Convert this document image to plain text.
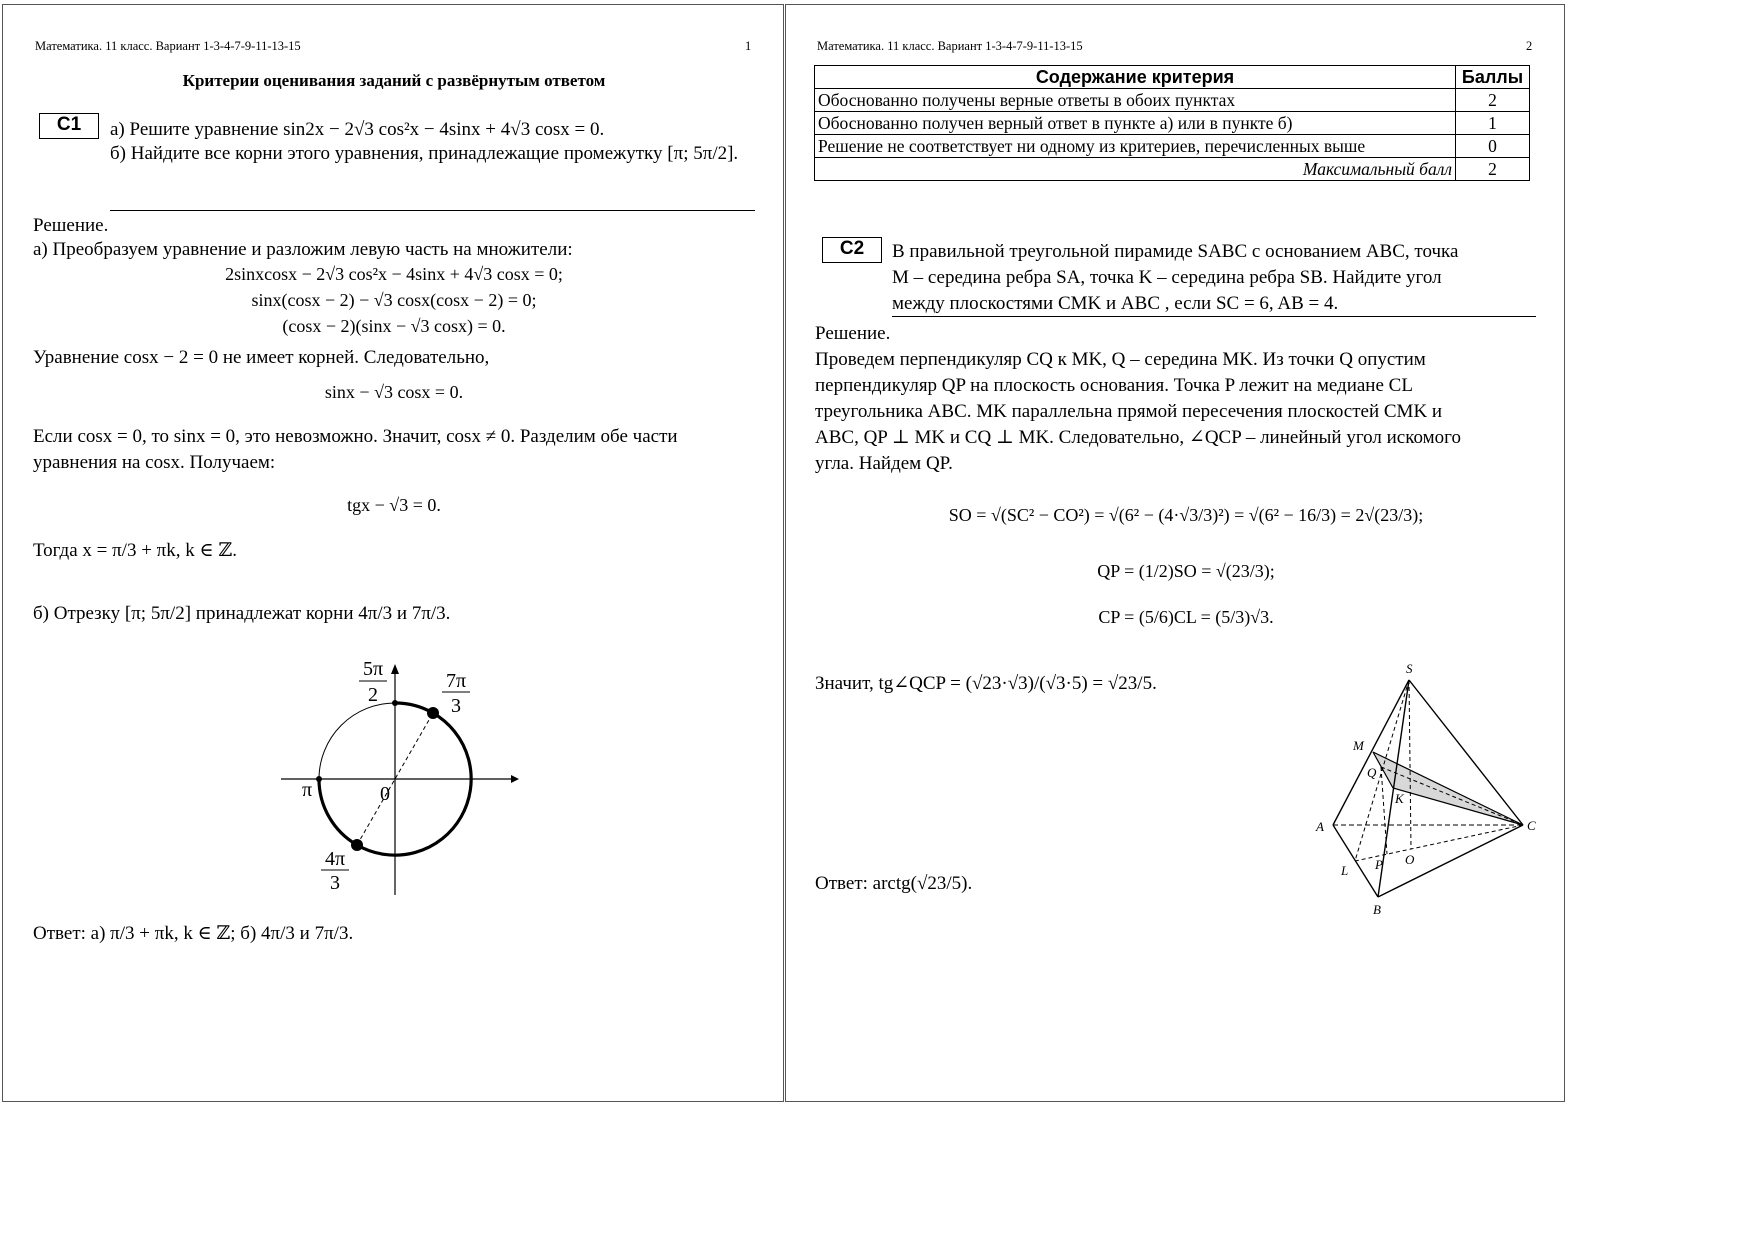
Математика. 11 класс. Вариант 1-3-4-7-9-11-13-15	1
Критерии оценивания заданий с развёрнутым ответом
С1	а) Решите уравнение sin2x − 2√3 cos²x − 4sinx + 4√3 cosx = 0.
б) Найдите все корни этого уравнения, принадлежащие промежутку [π; 5π/2].
Решение.
а) Преобразуем уравнение и разложим левую часть на множители:
2sinxcosx − 2√3 cos²x − 4sinx + 4√3 cosx = 0;
sinx(cosx − 2) − √3 cosx(cosx − 2) = 0;
(cosx − 2)(sinx − √3 cosx) = 0.
Уравнение cosx − 2 = 0 не имеет корней. Следовательно,
sinx − √3 cosx = 0.
Если cosx = 0, то sinx = 0, это невозможно. Значит, cosx ≠ 0. Разделим обе части
уравнения на cosx. Получаем:
tgx − √3 = 0.
Тогда x = π/3 + πk, k ∈ ℤ.
б) Отрезку [π; 5π/2] принадлежат корни 4π/3 и 7π/3.
5π
2
7π
3
π	0
4π
3
Ответ: а) π/3 + πk, k ∈ ℤ; б) 4π/3 и 7π/3.
Математика. 11 класс. Вариант 1-3-4-7-9-11-13-15	2
Содержание критерия	Баллы
Обоснованно получены верные ответы в обоих пунктах	2
Обоснованно получен верный ответ в пункте а) или в пункте б)	1
Решение не соответствует ни одному из критериев, перечисленных выше	0
Максимальный балл	2
С2	В правильной треугольной пирамиде SABC с основанием ABC, точка
M – середина ребра SA, точка K – середина ребра SB. Найдите угол
между плоскостями CMK и ABC , если SC = 6, AB = 4.
Решение.
Проведем перпендикуляр CQ к MK, Q – середина MK. Из точки Q опустим
перпендикуляр QP на плоскость основания. Точка P лежит на медиане CL
треугольника ABC. MK параллельна прямой пересечения плоскостей CMK и
ABC, QP ⊥ MK и CQ ⊥ MK. Следовательно, ∠QCP – линейный угол искомого
угла. Найдем QP.
SO = √(SC² − CO²) = √(6² − (4·√3/3)²) = √(6² − 16/3) = 2√(23/3);
QP = (1/2)SO = √(23/3);
CP = (5/6)CL = (5/3)√3.
Значит, tg∠QCP = (√23·√3)/(√3·5) = √23/5.
Ответ: arctg(√23/5).
S
M
Q
K
A	C
L P O
B
